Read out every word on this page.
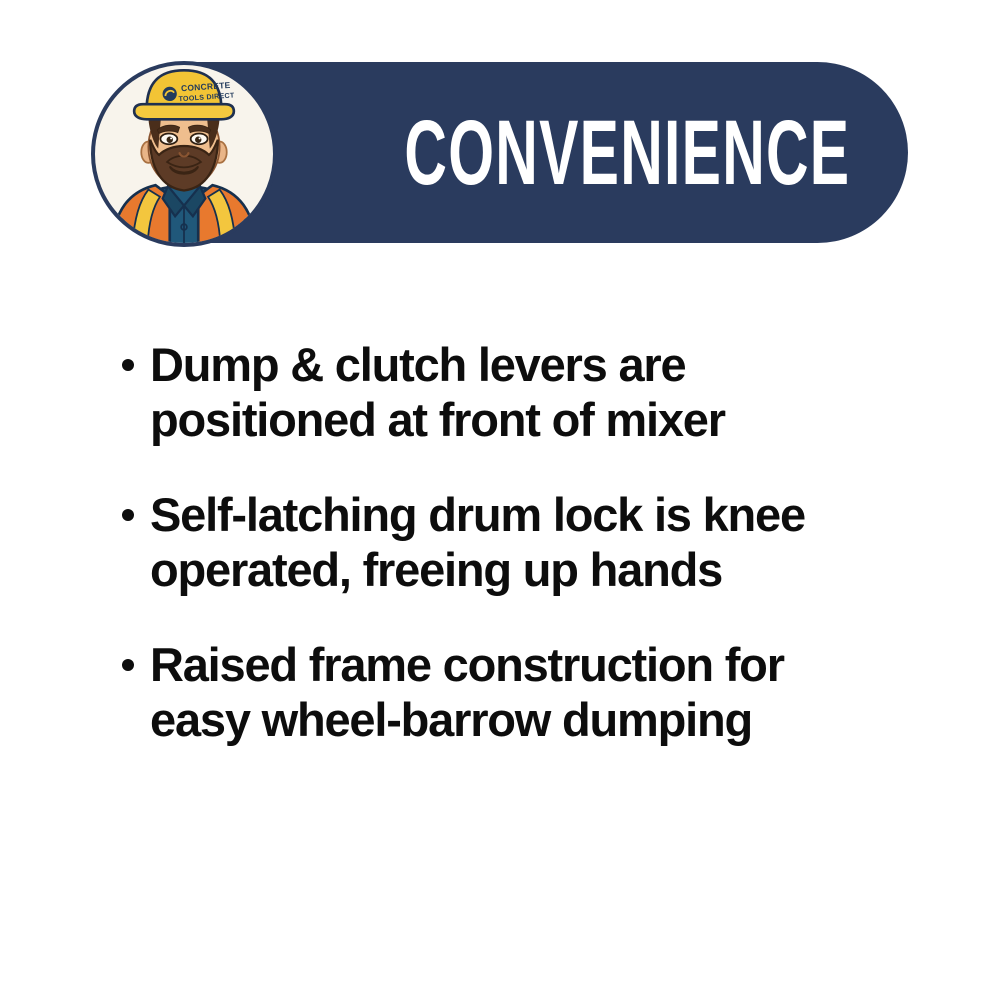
CONVENIENCE
CONCRETE
TOOLS DIRECT
Dump & clutch levers are
positioned at front of mixer
Self-latching drum lock is knee
operated, freeing up hands
Raised frame construction for
easy wheel-barrow dumping
